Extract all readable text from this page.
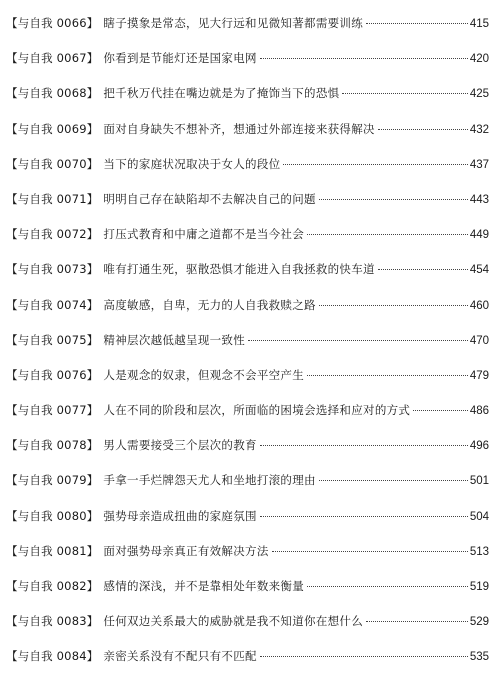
【与自我 0066】 瞎子摸象是常态，见大行远和见微知著都需要训练	415
【与自我 0067】 你看到是节能灯还是国家电网	420
【与自我 0068】 把千秋万代挂在嘴边就是为了掩饰当下的恐惧	425
【与自我 0069】 面对自身缺失不想补齐，想通过外部连接来获得解决	432
【与自我 0070】 当下的家庭状况取决于女人的段位	437
【与自我 0071】 明明自己存在缺陷却不去解决自己的问题	443
【与自我 0072】 打压式教育和中庸之道都不是当今社会	449
【与自我 0073】 唯有打通生死，驱散恐惧才能进入自我拯救的快车道	454
【与自我 0074】 高度敏感，自卑，无力的人自我救赎之路	460
【与自我 0075】 精神层次越低越呈现一致性	470
【与自我 0076】 人是观念的奴隶，但观念不会平空产生	479
【与自我 0077】 人在不同的阶段和层次，所面临的困境会选择和应对的方式	486
【与自我 0078】 男人需要接受三个层次的教育	496
【与自我 0079】 手拿一手烂牌怨天尤人和坐地打滚的理由	501
【与自我 0080】 强势母亲造成扭曲的家庭氛围	504
【与自我 0081】 面对强势母亲真正有效解决方法	513
【与自我 0082】 感情的深浅，并不是靠相处年数来衡量	519
【与自我 0083】 任何双边关系最大的威胁就是我不知道你在想什么	529
【与自我 0084】 亲密关系没有不配只有不匹配	535
